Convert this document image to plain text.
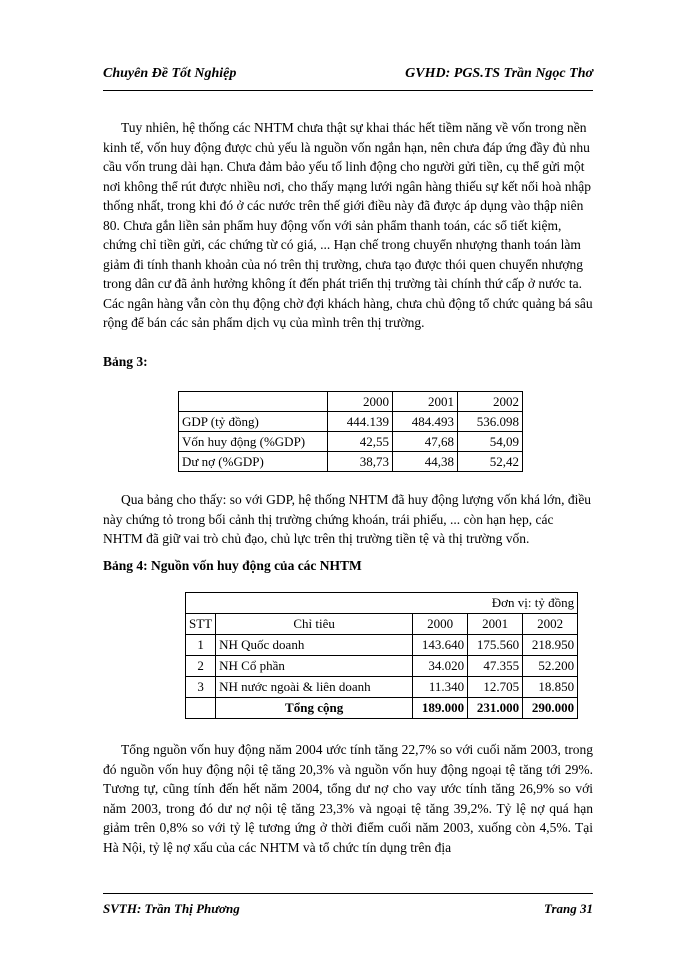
Chuyên Đề Tốt Nghiệp	GVHD: PGS.TS Trần Ngọc Thơ
Tuy nhiên, hệ thống các NHTM chưa thật sự khai thác hết tiềm năng về vốn trong nền kinh tế, vốn huy động được chủ yếu là nguồn vốn ngắn hạn, nên chưa đáp ứng đầy đủ nhu cầu vốn trung dài hạn. Chưa đảm bảo yếu tố linh động cho người gửi tiền, cụ thể gửi một nơi không thể rút được nhiều nơi, cho thấy mạng lưới ngân hàng thiếu sự kết nối hoà nhập thống nhất, trong khi đó ở các nước trên thế giới điều này đã được áp dụng vào thập niên 80. Chưa gắn liền sản phẩm huy động vốn với sản phẩm thanh toán, các sổ tiết kiệm, chứng chỉ tiền gửi, các chứng từ có giá, ... Hạn chế trong chuyển nhượng thanh toán làm giảm đi tính thanh khoản của nó trên thị trường, chưa tạo được thói quen chuyển nhượng trong dân cư đã ảnh hưởng không ít đến phát triển thị trường tài chính thứ cấp ở nước ta. Các ngân hàng vẫn còn thụ động chờ đợi khách hàng, chưa chủ động tổ chức quảng bá sâu rộng để bán các sản phẩm dịch vụ của mình trên thị trường.
Bảng 3:
	2000	2001	2002
GDP (tỷ đồng)	444.139	484.493	536.098
Vốn huy động (%GDP)	42,55	47,68	54,09
Dư nợ (%GDP)	38,73	44,38	52,42
Qua bảng cho thấy: so với GDP, hệ thống NHTM đã huy động lượng vốn khá lớn, điều này chứng tỏ trong bối cảnh thị trường chứng khoán, trái phiếu, ... còn hạn hẹp, các NHTM đã giữ vai trò chủ đạo, chủ lực trên thị trường tiền tệ và thị trường vốn.
Bảng 4: Nguồn vốn huy động của các NHTM
Đơn vị: tỷ đồng				
STT	Chỉ tiêu	2000	2001	2002
1	NH Quốc doanh	143.640	175.560	218.950
2	NH Cổ phần	34.020	47.355	52.200
3	NH nước ngoài & liên doanh	11.340	12.705	18.850
	Tổng cộng	189.000	231.000	290.000
Tổng nguồn vốn huy động năm 2004 ước tính tăng 22,7% so với cuối năm 2003, trong đó nguồn vốn huy động nội tệ tăng 20,3% và nguồn vốn huy động ngoại tệ tăng tới 29%. Tương tự, cũng tính đến hết năm 2004, tổng dư nợ cho vay ước tính tăng 26,9% so với năm 2003, trong đó dư nợ nội tệ tăng 23,3% và ngoại tệ tăng 39,2%. Tỷ lệ nợ quá hạn giảm trên 0,8% so với tỷ lệ tương ứng ở thời điểm cuối năm 2003, xuống còn 4,5%. Tại Hà Nội, tỷ lệ nợ xấu của các NHTM và tổ chức tín dụng trên địa
SVTH: Trần Thị Phương	Trang 31
